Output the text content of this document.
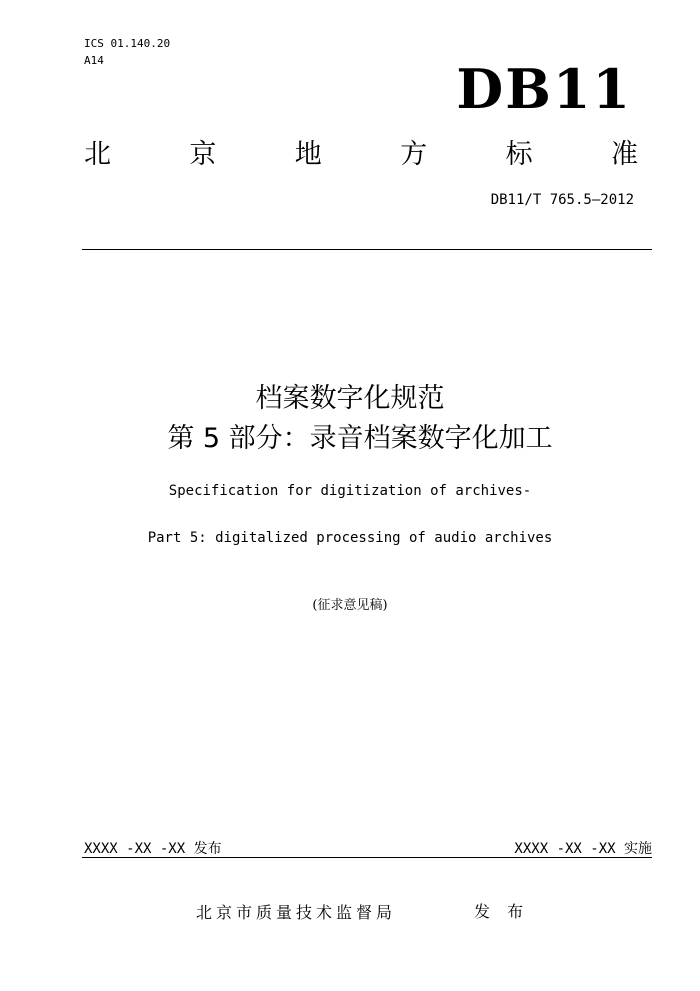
ICS 01.140.20
A14	DB11
北	京	地	方	标	准
DB11/T 765.5—2012
档案数字化规范
第 5 部分：录音档案数字化加工
Specification for digitization of archives-
Part 5: digitalized processing of audio archives
(征求意见稿)
XXXX -XX -XX 发布	XXXX -XX -XX 实施
北京市质量技术监督局	发 布
